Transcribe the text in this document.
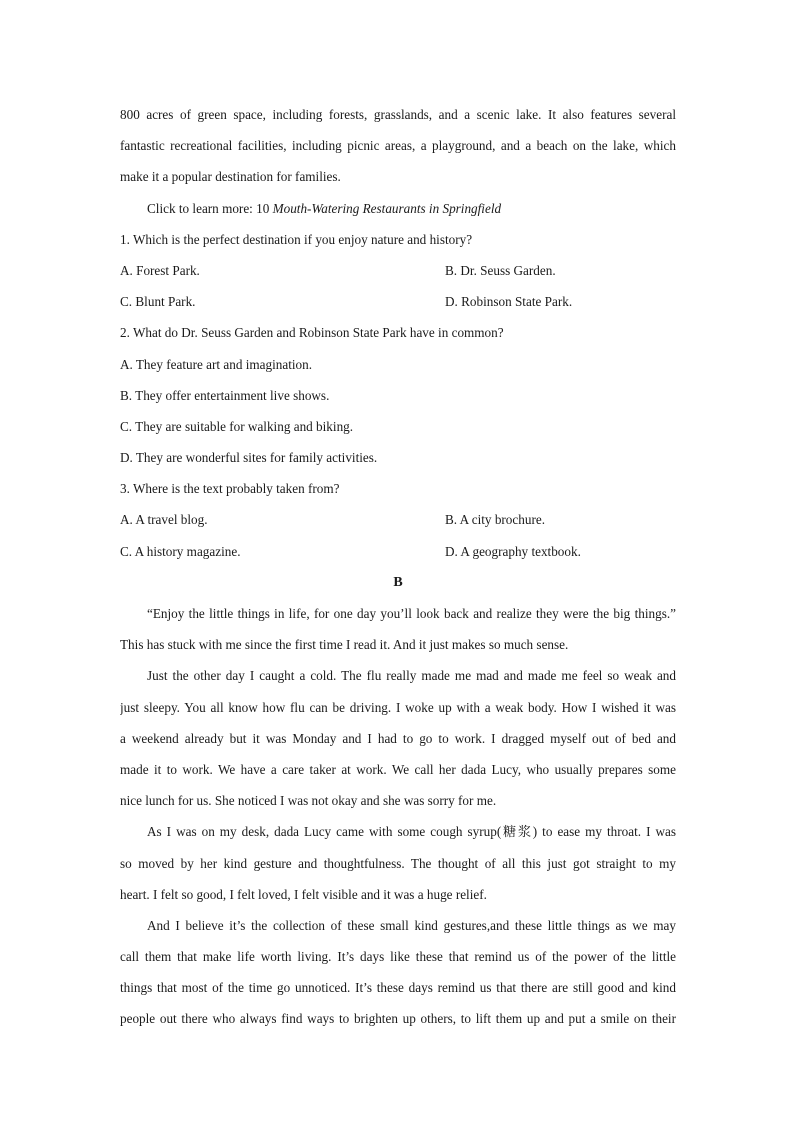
800 acres of green space, including forests, grasslands, and a scenic lake. It also features several

fantastic recreational facilities, including picnic areas, a playground, and a beach on the lake, which

make it a popular destination for families.

Click to learn more: 10 Mouth-Watering Restaurants in Springfield

1. Which is the perfect destination if you enjoy nature and history?

A. Forest Park.	B. Dr. Seuss Garden.
C. Blunt Park.	D. Robinson State Park.

2. What do Dr. Seuss Garden and Robinson State Park have in common?

A. They feature art and imagination.

B. They offer entertainment live shows.

C. They are suitable for walking and biking.

D. They are wonderful sites for family activities.

3. Where is the text probably taken from?

A. A travel blog.	B. A city brochure.
C. A history magazine.	D. A geography textbook.
B

“Enjoy the little things in life, for one day you’ll look back and realize they were the big things.”

This has stuck with me since the first time I read it. And it just makes so much sense.

Just the other day I caught a cold. The flu really made me mad and made me feel so weak and

just sleepy. You all know how flu can be driving. I woke up with a weak body. How I wished it was

a weekend already but it was Monday and I had to go to work. I dragged myself out of bed and

made it to work. We have a care taker at work. We call her dada Lucy, who usually prepares some

nice lunch for us. She noticed I was not okay and she was sorry for me.

As I was on my desk, dada Lucy came with some cough syrup(糖浆) to ease my throat. I was

so moved by her kind gesture and thoughtfulness. The thought of all this just got straight to my

heart. I felt so good, I felt loved, I felt visible and it was a huge relief.

And I believe it’s the collection of these small kind gestures,and these little things as we may

call them that make life worth living. It’s days like these that remind us of the power of the little

things that most of the time go unnoticed. It’s these days remind us that there are still good and kind

people out there who always find ways to brighten up others, to lift them up and put a smile on their
